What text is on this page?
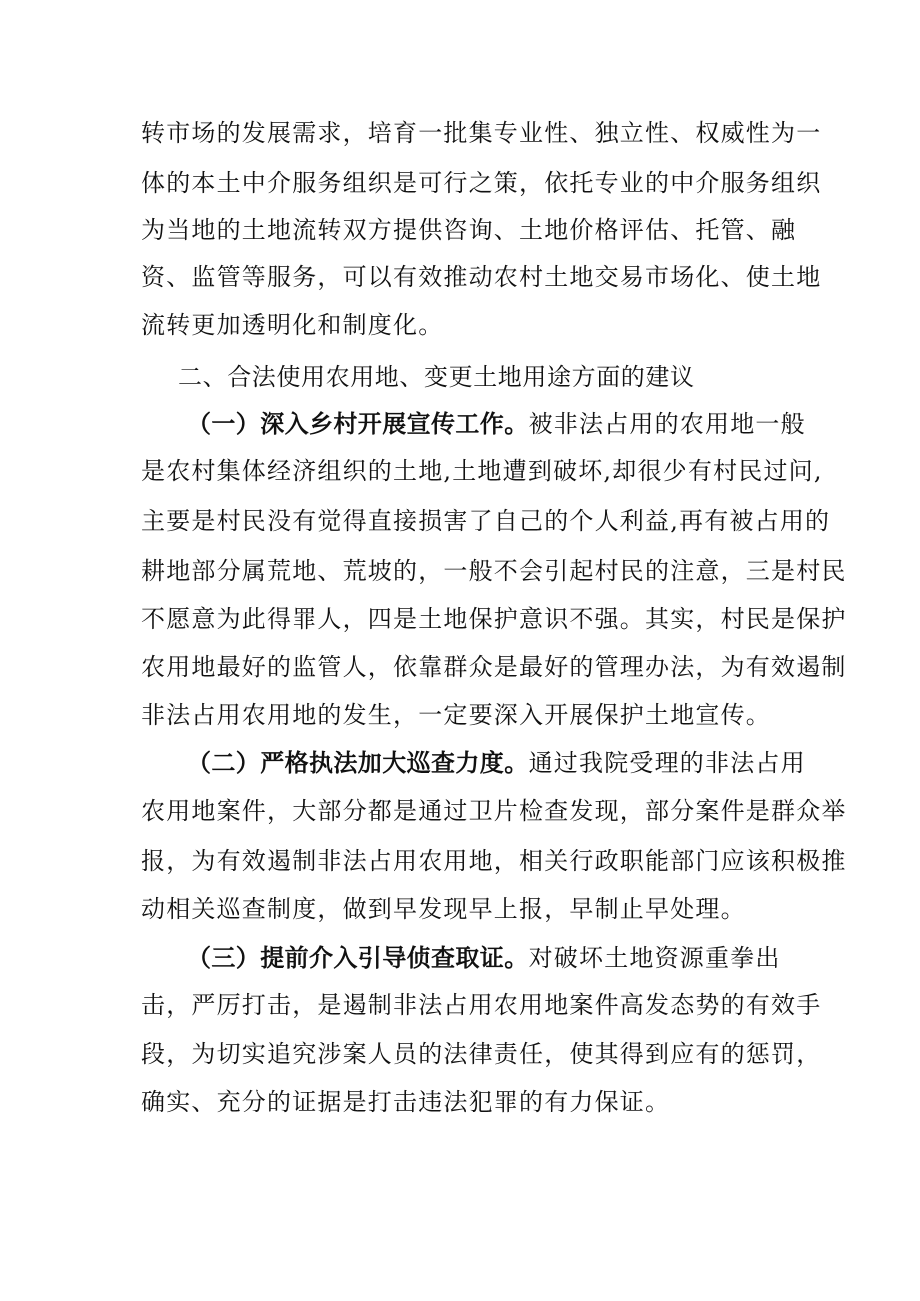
转市场的发展需求，培育一批集专业性、独立性、权威性为一
体的本土中介服务组织是可行之策，依托专业的中介服务组织
为当地的土地流转双方提供咨询、土地价格评估、托管、融
资、监管等服务，可以有效推动农村土地交易市场化、使土地
流转更加透明化和制度化。
二、合法使用农用地、变更土地用途方面的建议
（一）深入乡村开展宣传工作。被非法占用的农用地一般
是农村集体经济组织的土地,土地遭到破坏,却很少有村民过问,
主要是村民没有觉得直接损害了自己的个人利益,再有被占用的
耕地部分属荒地、荒坡的，一般不会引起村民的注意，三是村民
不愿意为此得罪人，四是土地保护意识不强。其实，村民是保护
农用地最好的监管人，依靠群众是最好的管理办法，为有效遏制
非法占用农用地的发生，一定要深入开展保护土地宣传。
（二）严格执法加大巡查力度。通过我院受理的非法占用
农用地案件，大部分都是通过卫片检查发现，部分案件是群众举
报，为有效遏制非法占用农用地，相关行政职能部门应该积极推
动相关巡查制度，做到早发现早上报，早制止早处理。
（三）提前介入引导侦查取证。对破坏土地资源重拳出
击，严厉打击，是遏制非法占用农用地案件高发态势的有效手
段，为切实追究涉案人员的法律责任，使其得到应有的惩罚，
确实、充分的证据是打击违法犯罪的有力保证。
